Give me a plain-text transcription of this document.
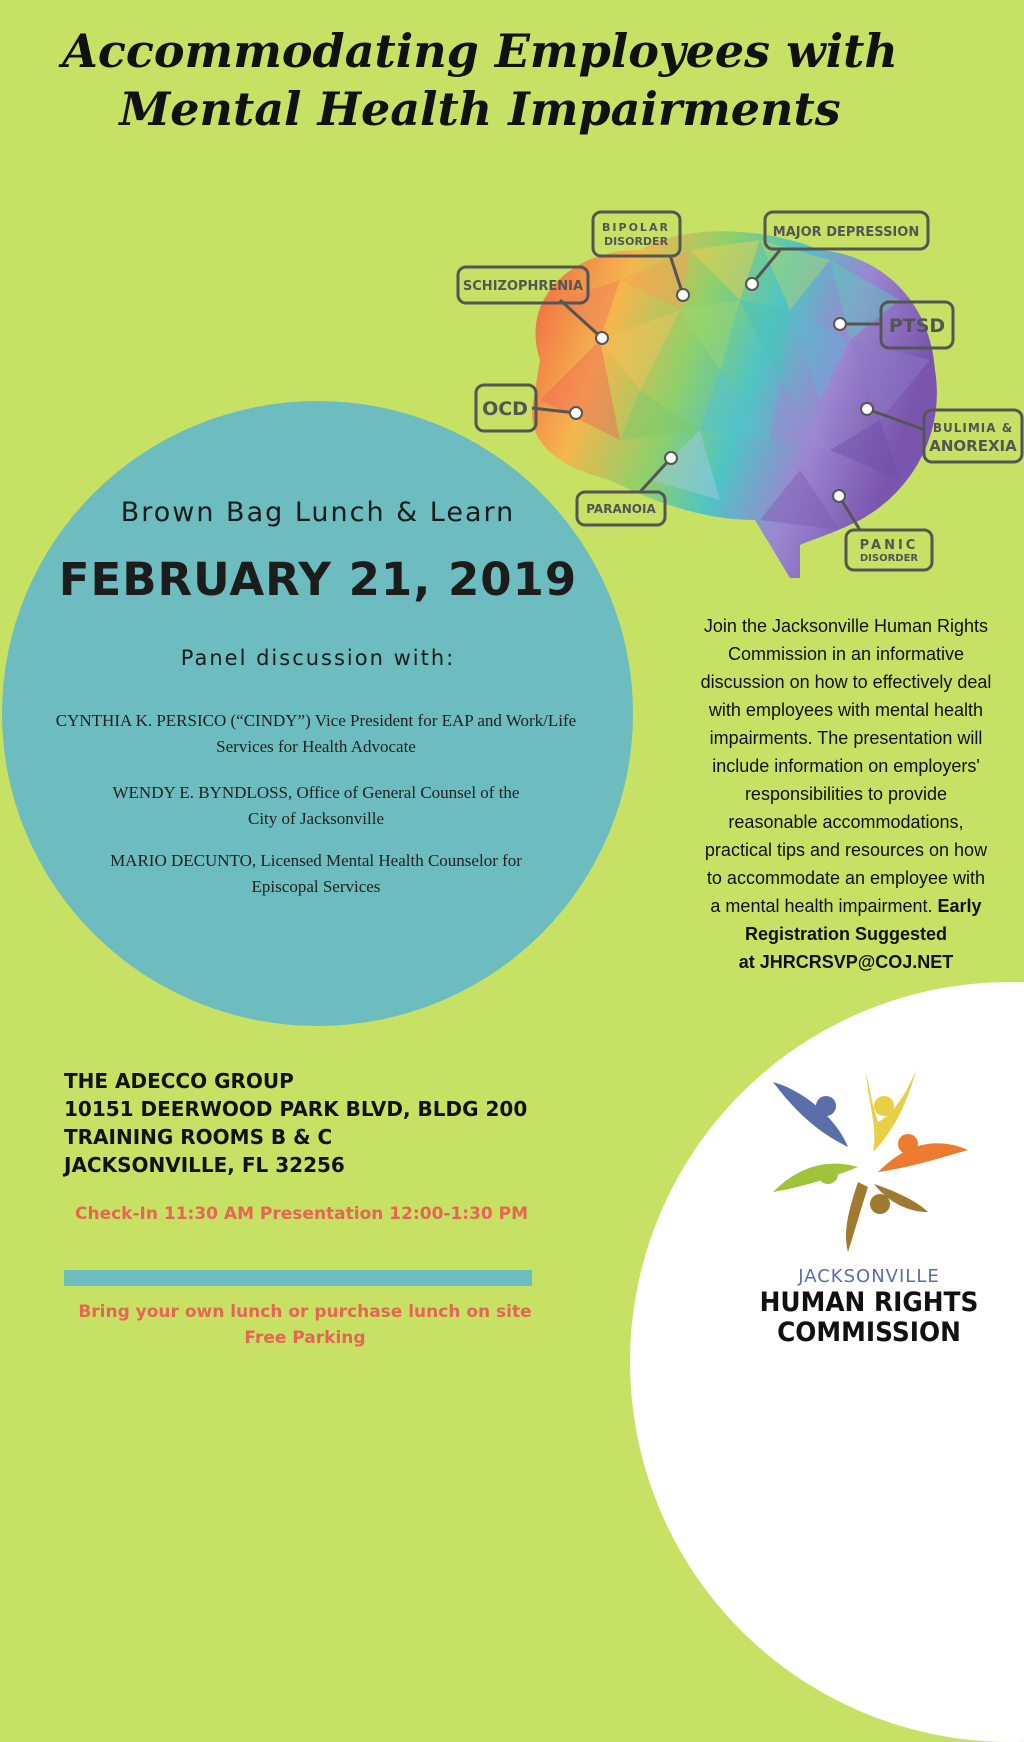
Accommodating Employees with
Mental Health Impairments
Brown Bag Lunch & Learn
FEBRUARY 21, 2019
Panel discussion with:
CYNTHIA K. PERSICO (“CINDY”) Vice President for EAP and Work/Life
Services for Health Advocate
WENDY E. BYNDLOSS, Office of General Counsel of the
City of Jacksonville
MARIO DECUNTO, Licensed Mental Health Counselor for
Episcopal Services
BIPOLAR
DISORDER
MAJOR DEPRESSION
SCHIZOPHRENIA
PTSD
OCD
BULIMIA &
ANOREXIA
PARANOIA
PANIC
DISORDER
Join the Jacksonville Human Rights
Commission in an informative
discussion on how to effectively deal
with employees with mental health
impairments. The presentation will
include information on employers'
responsibilities to provide
reasonable accommodations,
practical tips and resources on how
to accommodate an employee with
a mental health impairment. Early
Registration Suggested
at JHRCRSVP@COJ.NET
THE ADECCO GROUP
10151 DEERWOOD PARK BLVD, BLDG 200
TRAINING ROOMS B & C
JACKSONVILLE, FL 32256
Check-In 11:30 AM Presentation 12:00-1:30 PM
Bring your own lunch or purchase lunch on site
Free Parking
JACKSONVILLE
HUMAN RIGHTS
COMMISSION
